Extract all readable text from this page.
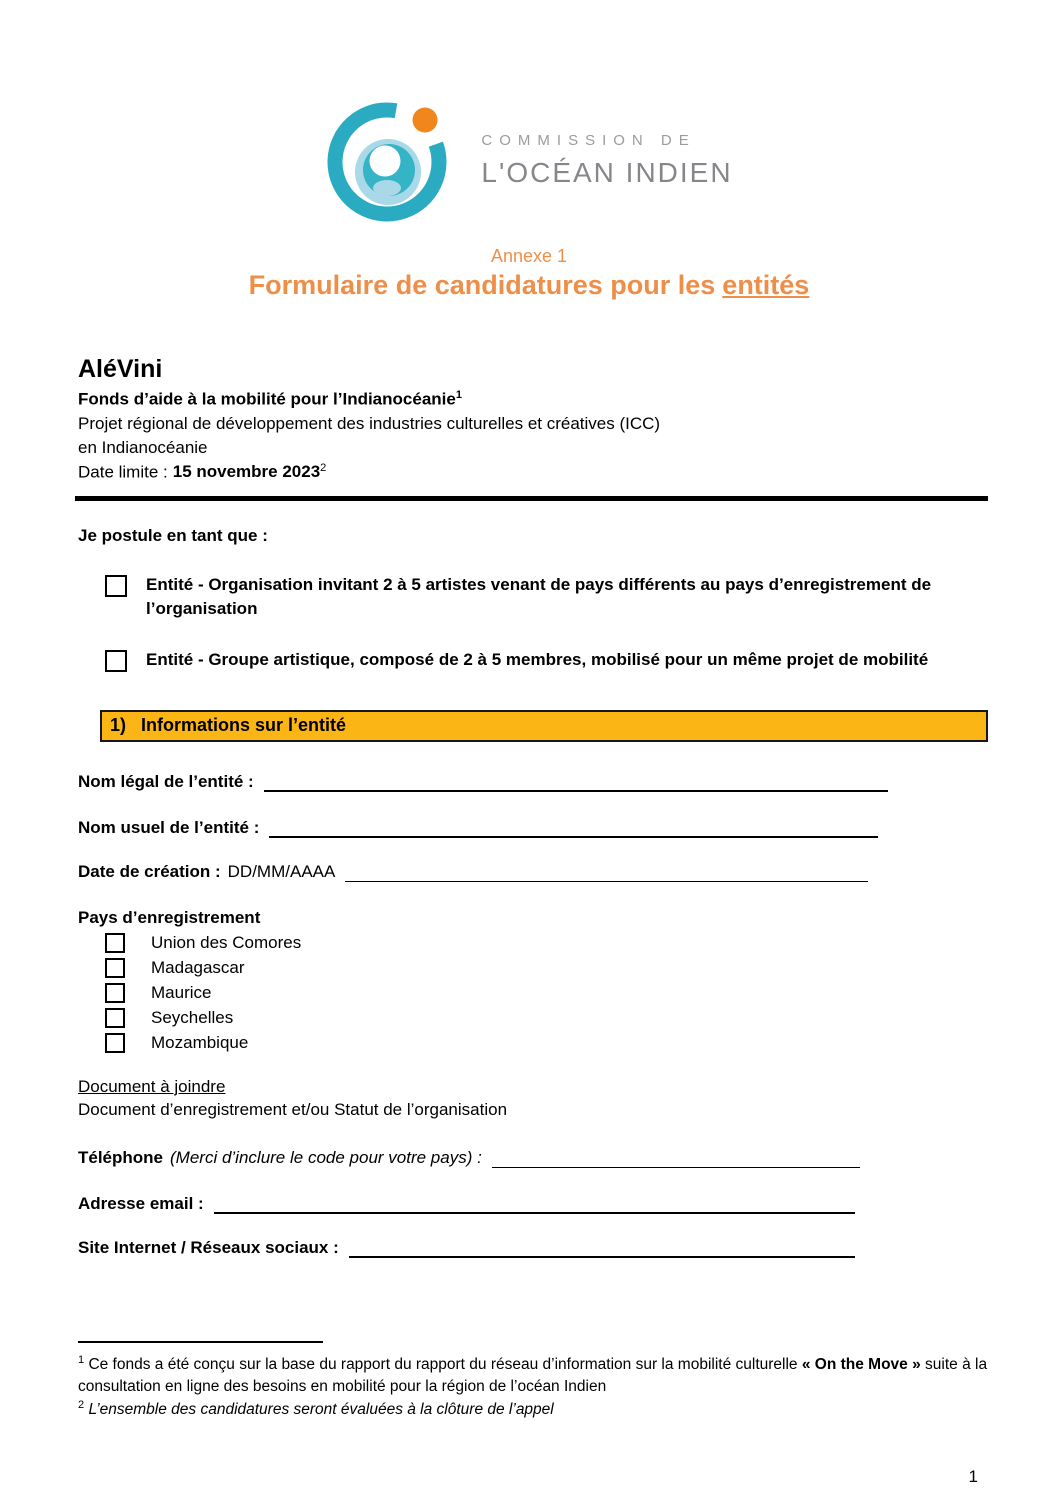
COMMISSION DE
L'OCÉAN INDIEN
Annexe 1
Formulaire de candidatures pour les entités
AléVini
Fonds d’aide à la mobilité pour l’Indianocéanie$^1$
Projet régional de développement des industries culturelles et créatives (ICC)
en Indianocéanie
Date limite : 15 novembre 2023$^2$
Je postule en tant que :
Entité - Organisation invitant 2 à 5 artistes venant de pays différents au pays d’enregistrement de l’organisation
Entité - Groupe artistique, composé de 2 à 5 membres, mobilisé pour un même projet de mobilité
1) Informations sur l’entité
Nom légal de l’entité :
Nom usuel de l’entité :
Date de création : DD/MM/AAAA
Pays d’enregistrement
Union des Comores
Madagascar
Maurice
Seychelles
Mozambique
Document à joindre
Document d’enregistrement et/ou Statut de l’organisation
Téléphone (Merci d’inclure le code pour votre pays) :
Adresse email :
Site Internet / Réseaux sociaux :
$^1$ Ce fonds a été conçu sur la base du rapport du rapport du réseau d’information sur la mobilité culturelle « On the Move » suite à la consultation en ligne des besoins en mobilité pour la région de l’océan Indien
$^2$ L’ensemble des candidatures seront évaluées à la clôture de l’appel
1
